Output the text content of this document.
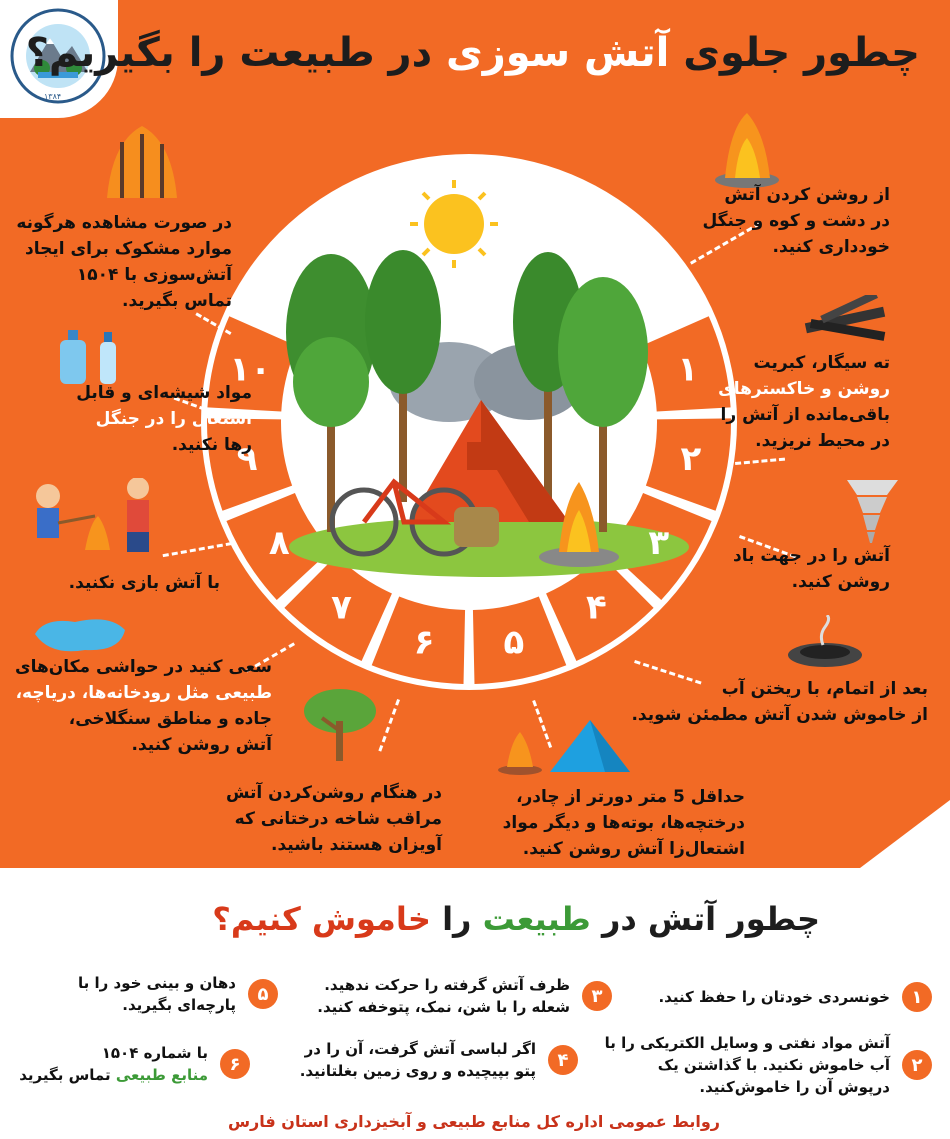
۱۳۸۴
چطور جلوی آتش سوزی در طبیعت را بگیریم؟
۱
۲
۳
۴
۵
۶
۷
۸
۹
۱۰
از روشن کردن آتش
در دشت و کوه و جنگل
خودداری کنید.
ته سیگار، کبریت
روشن و خاکسترهای
باقی‌مانده از آتش را
در محیط نریزید.
آتش را در جهت باد
روشن کنید.
بعد از اتمام، با ریختن آب
از خاموش شدن آتش مطمئن شوید.
حداقل 5 متر دورتر از چادر،
درختچه‌ها، بوته‌ها و دیگر مواد
اشتعال‌زا آتش روشن کنید.
در هنگام روشن‌کردن آتش
مراقب شاخه درختانی که
آویزان هستند باشید.
سعی کنید در حواشی مکان‌های
طبیعی مثل رودخانه‌ها، دریاچه،
جاده و مناطق سنگلاخی،
آتش روشن کنید.
با آتش بازی نکنید.
مواد شیشه‌ای و قابل
اشتعال را در جنگل
رها نکنید.
در صورت مشاهده هرگونه
موارد مشکوک برای ایجاد
آتش‌سوزی با ۱۵۰۴
تماس بگیرید.
چطور آتش در طبیعت را خاموش کنیم؟
۱
خونسردی خودتان را حفظ کنید.
۲
آتش مواد نفتی و وسایل الکتریکی را با
آب خاموش نکنید. با گذاشتن یک
درپوش آن را خاموش‌کنید.
۳
ظرف آتش گرفته را حرکت ندهید.
شعله را با شن، نمک، پتوخفه کنید.
۴
اگر لباسی آتش گرفت، آن را در
پتو بپیچیده و روی زمین بغلتانید.
۵
دهان و بینی خود را با
پارچه‌ای بگیرید.
۶
با شماره ۱۵۰۴
منابع طبیعی تماس بگیرید
روابط عمومی اداره کل منابع طبیعی و آبخیزداری استان فارس
